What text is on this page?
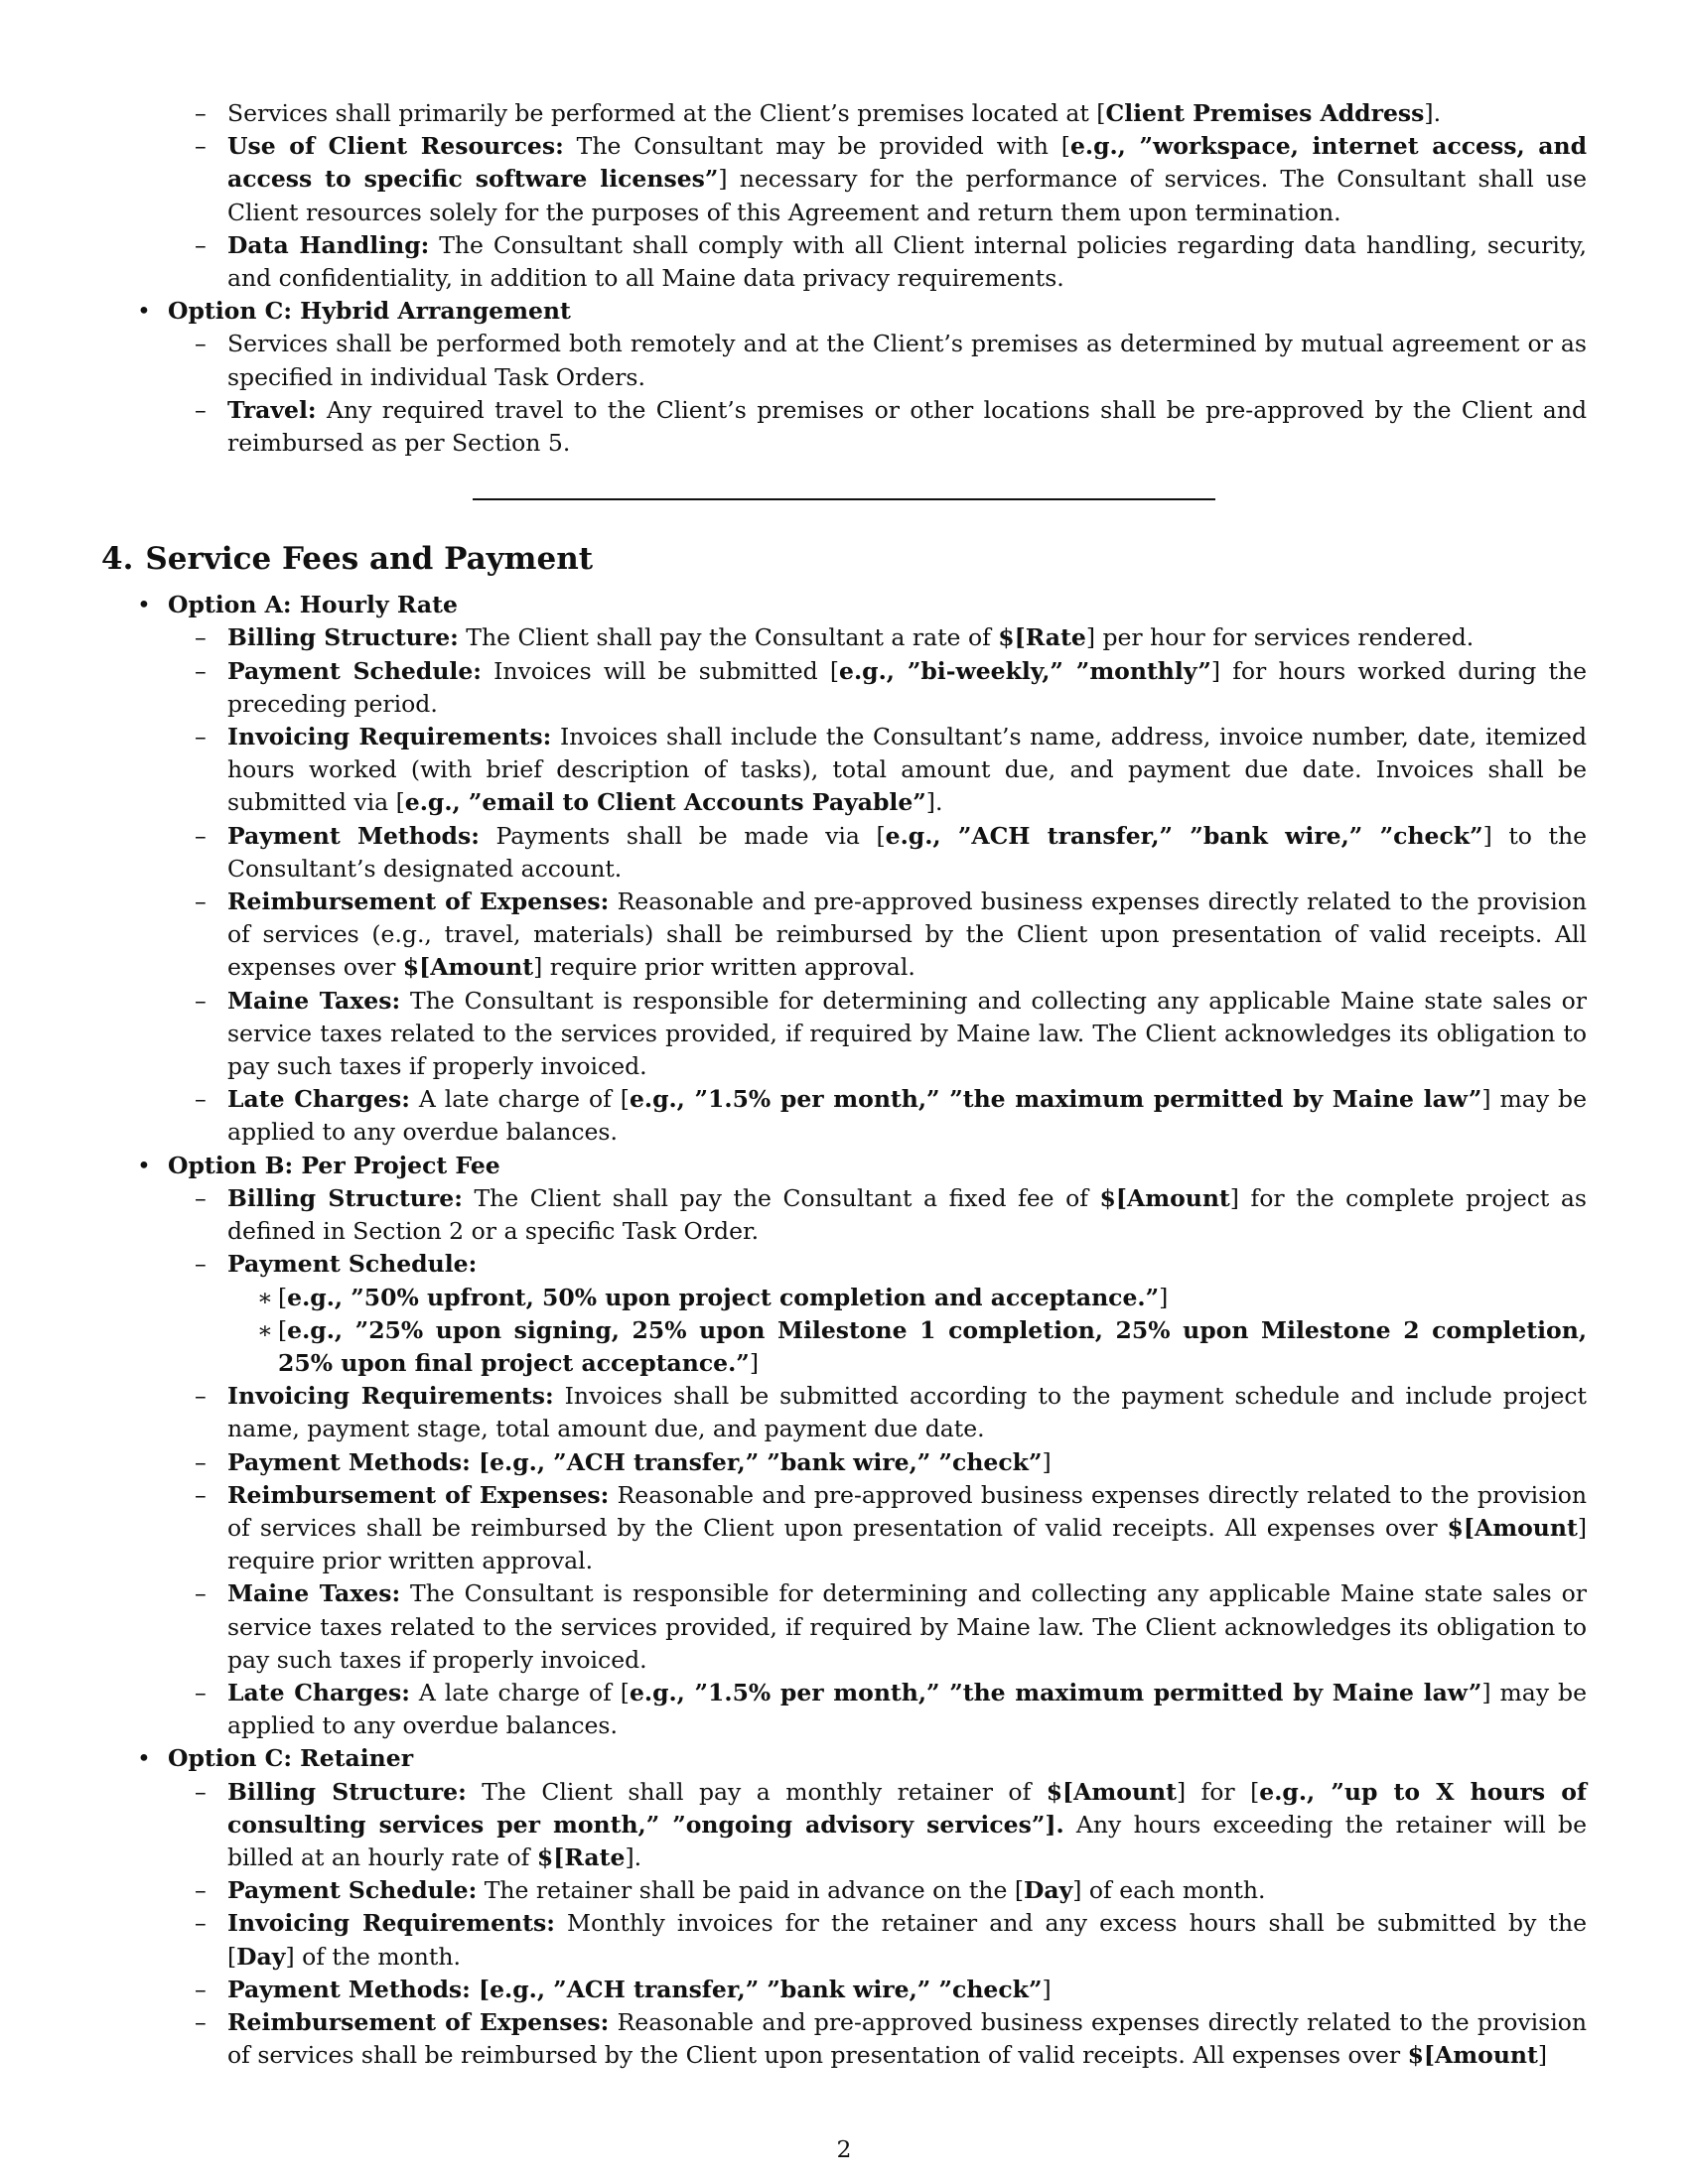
– Services shall primarily be performed at the Client’s premises located at [Client Premises Address].
– Use of Client Resources: The Consultant may be provided with [e.g., ”workspace, internet access, and access to specific software licenses”] necessary for the performance of services. The Consultant shall use Client resources solely for the purposes of this Agreement and return them upon termination.
– Data Handling: The Consultant shall comply with all Client internal policies regarding data handling, security, and confidentiality, in addition to all Maine data privacy requirements.
• Option C: Hybrid Arrangement
– Services shall be performed both remotely and at the Client’s premises as determined by mutual agreement or as specified in individual Task Orders.
– Travel: Any required travel to the Client’s premises or other locations shall be pre-approved by the Client and reimbursed as per Section 5.
4. Service Fees and Payment
• Option A: Hourly Rate
– Billing Structure: The Client shall pay the Consultant a rate of $[Rate] per hour for services rendered.
– Payment Schedule: Invoices will be submitted [e.g., ”bi-weekly,” ”monthly”] for hours worked during the preceding period.
– Invoicing Requirements: Invoices shall include the Consultant’s name, address, invoice number, date, itemized hours worked (with brief description of tasks), total amount due, and payment due date. Invoices shall be submitted via [e.g., ”email to Client Accounts Payable”].
– Payment Methods: Payments shall be made via [e.g., ”ACH transfer,” ”bank wire,” ”check”] to the Consultant’s designated account.
– Reimbursement of Expenses: Reasonable and pre-approved business expenses directly related to the provision of services (e.g., travel, materials) shall be reimbursed by the Client upon presentation of valid receipts. All expenses over $[Amount] require prior written approval.
– Maine Taxes: The Consultant is responsible for determining and collecting any applicable Maine state sales or service taxes related to the services provided, if required by Maine law. The Client acknowledges its obligation to pay such taxes if properly invoiced.
– Late Charges: A late charge of [e.g., ”1.5% per month,” ”the maximum permitted by Maine law”] may be applied to any overdue balances.
• Option B: Per Project Fee
– Billing Structure: The Client shall pay the Consultant a fixed fee of $[Amount] for the complete project as defined in Section 2 or a specific Task Order.
– Payment Schedule:
∗ [e.g., ”50% upfront, 50% upon project completion and acceptance.”]
∗ [e.g., ”25% upon signing, 25% upon Milestone 1 completion, 25% upon Milestone 2 completion, 25% upon final project acceptance.”]
– Invoicing Requirements: Invoices shall be submitted according to the payment schedule and include project name, payment stage, total amount due, and payment due date.
– Payment Methods: [e.g., ”ACH transfer,” ”bank wire,” ”check”]
– Reimbursement of Expenses: Reasonable and pre-approved business expenses directly related to the provision of services shall be reimbursed by the Client upon presentation of valid receipts. All expenses over $[Amount] require prior written approval.
– Maine Taxes: The Consultant is responsible for determining and collecting any applicable Maine state sales or service taxes related to the services provided, if required by Maine law. The Client acknowledges its obligation to pay such taxes if properly invoiced.
– Late Charges: A late charge of [e.g., ”1.5% per month,” ”the maximum permitted by Maine law”] may be applied to any overdue balances.
• Option C: Retainer
– Billing Structure: The Client shall pay a monthly retainer of $[Amount] for [e.g., ”up to X hours of consulting services per month,” ”ongoing advisory services”]. Any hours exceeding the retainer will be billed at an hourly rate of $[Rate].
– Payment Schedule: The retainer shall be paid in advance on the [Day] of each month.
– Invoicing Requirements: Monthly invoices for the retainer and any excess hours shall be submitted by the [Day] of the month.
– Payment Methods: [e.g., ”ACH transfer,” ”bank wire,” ”check”]
– Reimbursement of Expenses: Reasonable and pre-approved business expenses directly related to the provision of services shall be reimbursed by the Client upon presentation of valid receipts. All expenses over $[Amount]
2
